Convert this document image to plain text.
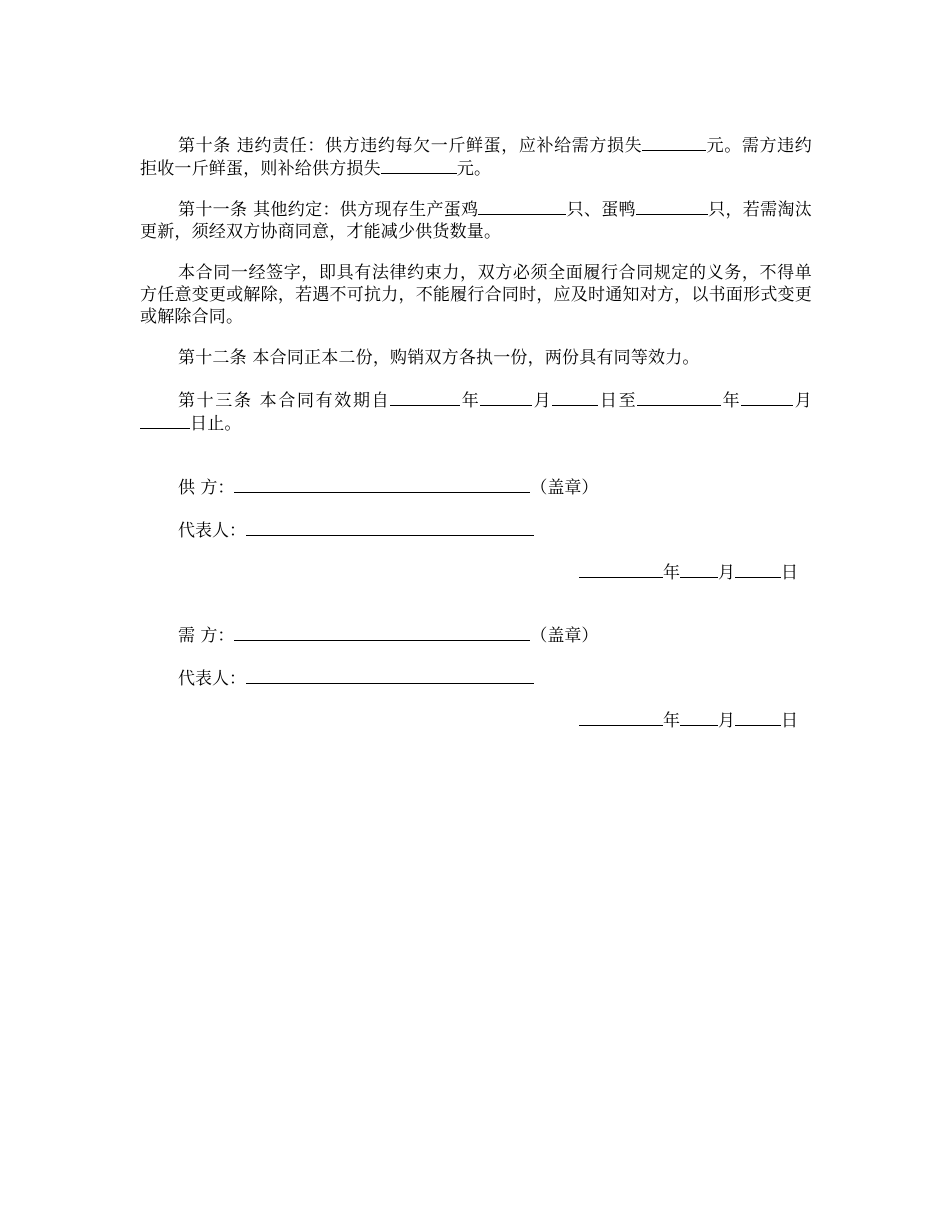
第十条 违约责任：供方违约每欠一斤鲜蛋，应补给需方损失	元。需方违约拒收一斤鲜蛋，则补给供方损失	元。
第十一条 其他约定：供方现存生产蛋鸡	只、蛋鸭	只，若需淘汰更新，须经双方协商同意，才能减少供货数量。
本合同一经签字，即具有法律约束力，双方必须全面履行合同规定的义务，不得单方任意变更或解除，若遇不可抗力，不能履行合同时，应及时通知对方，以书面形式变更或解除合同。
第十二条 本合同正本二份，购销双方各执一份，两份具有同等效力。
第十三条 本合同有效期自	年	月	日至	年	月日止。
供 方：	（盖章）
代表人：
年 月	日
需 方：	（盖章）
代表人：
年 月	日
